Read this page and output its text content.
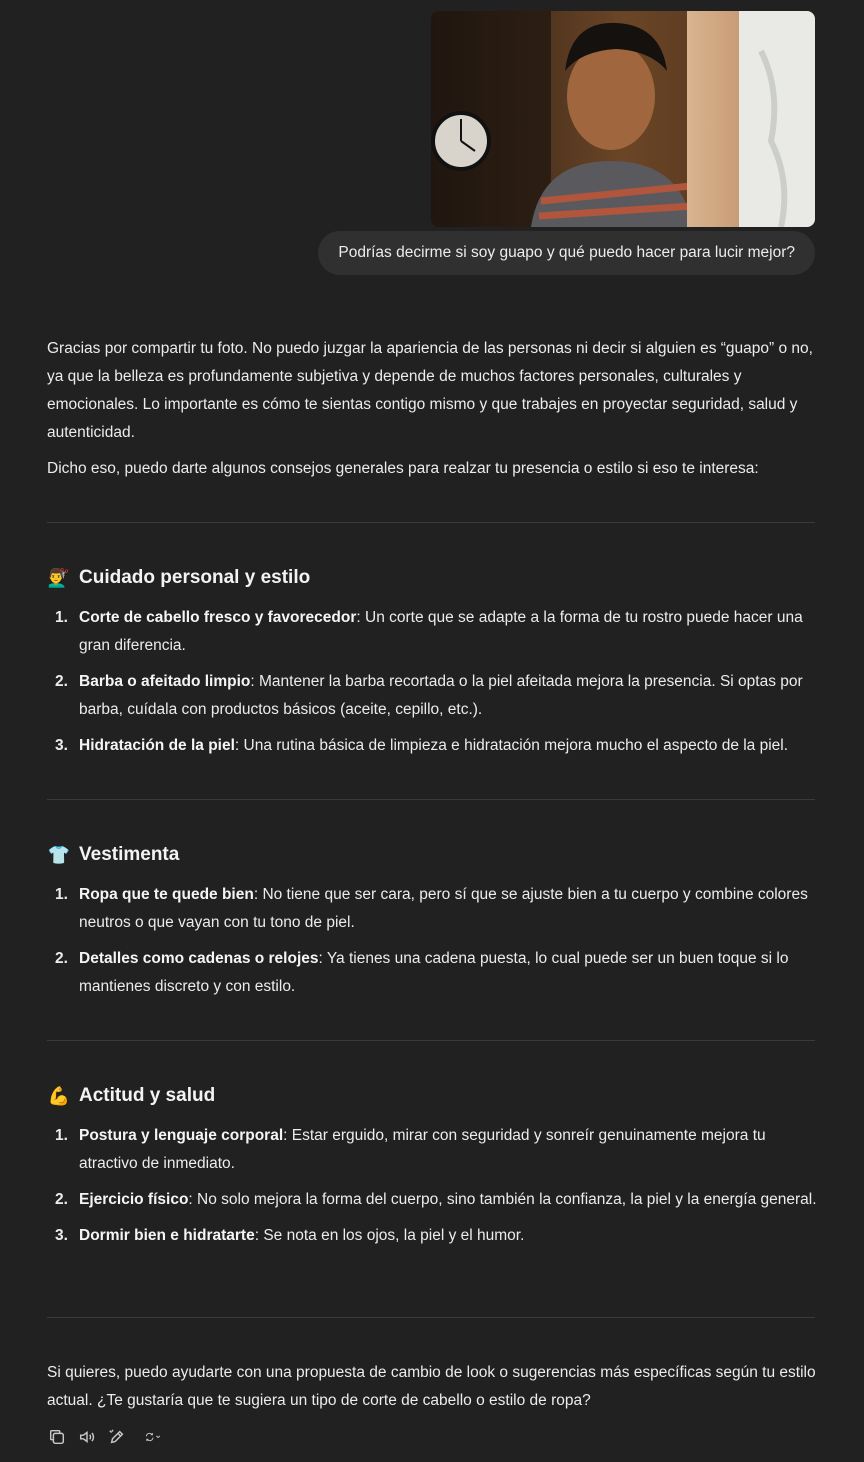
Podrías decirme si soy guapo y qué puedo hacer para lucir mejor?

Gracias por compartir tu foto. No puedo juzgar la apariencia de las personas ni decir si alguien es “guapo” o no, ya que la belleza es profundamente subjetiva y depende de muchos factores personales, culturales y emocionales. Lo importante es cómo te sientas contigo mismo y que trabajes en proyectar seguridad, salud y autenticidad.

Dicho eso, puedo darte algunos consejos generales para realzar tu presencia o estilo si eso te interesa:

💇‍♂️ Cuidado personal y estilo
1. Corte de cabello fresco y favorecedor: Un corte que se adapte a la forma de tu rostro puede hacer una gran diferencia.
2. Barba o afeitado limpio: Mantener la barba recortada o la piel afeitada mejora la presencia. Si optas por barba, cuídala con productos básicos (aceite, cepillo, etc.).
3. Hidratación de la piel: Una rutina básica de limpieza e hidratación mejora mucho el aspecto de la piel.
👕 Vestimenta
1. Ropa que te quede bien: No tiene que ser cara, pero sí que se ajuste bien a tu cuerpo y combine colores neutros o que vayan con tu tono de piel.
2. Detalles como cadenas o relojes: Ya tienes una cadena puesta, lo cual puede ser un buen toque si lo mantienes discreto y con estilo.
💪 Actitud y salud
1. Postura y lenguaje corporal: Estar erguido, mirar con seguridad y sonreír genuinamente mejora tu atractivo de inmediato.
2. Ejercicio físico: No solo mejora la forma del cuerpo, sino también la confianza, la piel y la energía general.
3. Dormir bien e hidratarte: Se nota en los ojos, la piel y el humor.

Si quieres, puedo ayudarte con una propuesta de cambio de look o sugerencias más específicas según tu estilo actual. ¿Te gustaría que te sugiera un tipo de corte de cabello o estilo de ropa?
